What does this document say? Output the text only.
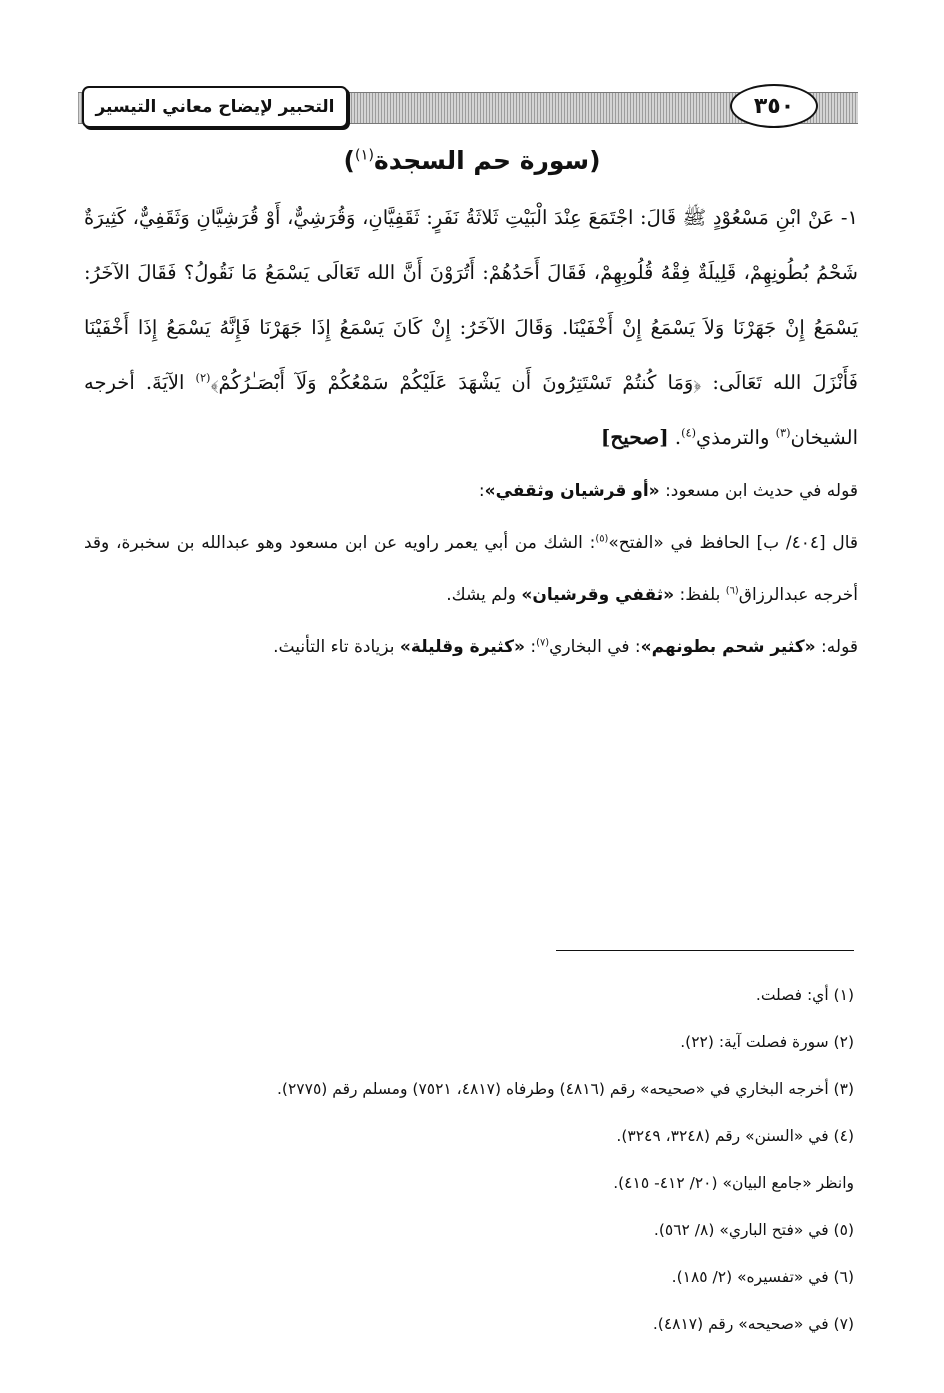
التحبير لإيضاح معاني التيسير	٣٥٠
(سورة حم السجدة$^{(١)}$)

١- عَنْ ابْنِ مَسْعُوْدٍ ﷺ قَالَ: اجْتَمَعَ عِنْدَ الْبَيْتِ ثَلاثَةُ نَفَرٍ: ثَقَفِيَّانِ، وَقُرَشِيٌّ، أَوْ قُرَشِيَّانِ وَثَقَفِيٌّ، كَثِيرَةٌ شَحْمُ بُطُونِهِمْ، قَلِيلَةٌ فِقْهُ قُلُوبِهِمْ، فَقَالَ أَحَدُهُمْ: أَتُرَوْنَ أَنَّ الله تَعَالَى يَسْمَعُ مَا نَقُولُ؟ فَقَالَ الآخَرُ: يَسْمَعُ إِنْ جَهَرْنَا وَلاَ يَسْمَعُ إِنْ أَخْفَيْنَا. وَقَالَ الآخَرُ: إِنْ كَانَ يَسْمَعُ إِذَا جَهَرْنَا فَإِنَّهُ يَسْمَعُ إِذَا أَخْفَيْنَا فَأَنْزَلَ الله تَعَالَى: ﴿وَمَا كُنتُمْ تَسْتَتِرُونَ أَن يَشْهَدَ عَلَيْكُمْ سَمْعُكُمْ وَلَآ أَبْصَـٰرُكُمْ﴾$^{(٢)}$ الآيَةَ. أخرجه الشيخان$^{(٣)}$ والترمذي$^{(٤)}$. [صحيح]

قوله في حديث ابن مسعود: «أو قرشيان وثقفي»:

قال [٤٠٤/ ب] الحافظ في «الفتح»$^{(٥)}$: الشك من أبي يعمر راويه عن ابن مسعود وهو عبدالله بن سخبرة، وقد أخرجه عبدالرزاق$^{(٦)}$ بلفظ: «ثقفي وقرشيان» ولم يشك.

قوله: «كثير شحم بطونهم»: في البخاري$^{(٧)}$: «كثيرة وقليلة» بزيادة تاء التأنيث.

(١) أي: فصلت.
(٢) سورة فصلت آية: (٢٢).
(٣) أخرجه البخاري في «صحيحه» رقم (٤٨١٦) وطرفاه (٤٨١٧، ٧٥٢١) ومسلم رقم (٢٧٧٥).
(٤) في «السنن» رقم (٣٢٤٨، ٣٢٤٩).
وانظر «جامع البيان» (٢٠/ ٤١٢- ٤١٥).
(٥) في «فتح الباري» (٨/ ٥٦٢).
(٦) في «تفسيره» (٢/ ١٨٥).
(٧) في «صحيحه» رقم (٤٨١٧).
